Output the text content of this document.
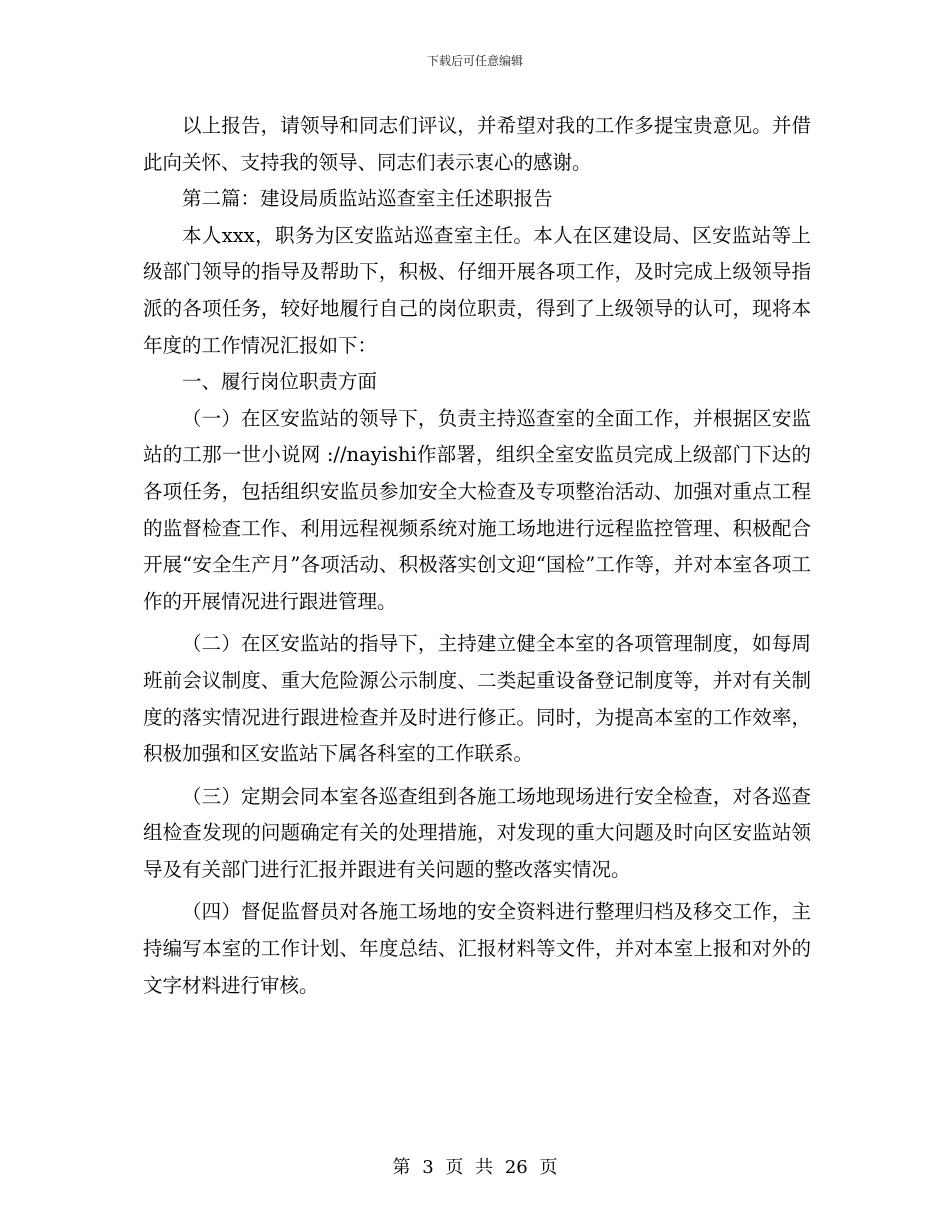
下载后可任意编辑

以上报告，请领导和同志们评议，并希望对我的工作多提宝贵意见。并借此向关怀、支持我的领导、同志们表示衷心的感谢。

第二篇：建设局质监站巡查室主任述职报告

本人xxx，职务为区安监站巡查室主任。本人在区建设局、区安监站等上级部门领导的指导及帮助下，积极、仔细开展各项工作，及时完成上级领导指派的各项任务，较好地履行自己的岗位职责，得到了上级领导的认可，现将本年度的工作情况汇报如下：

一、履行岗位职责方面

（一）在区安监站的领导下，负责主持巡查室的全面工作，并根据区安监站的工那一世小说网 ://nayishi作部署，组织全室安监员完成上级部门下达的各项任务，包括组织安监员参加安全大检查及专项整治活动、加强对重点工程的监督检查工作、利用远程视频系统对施工场地进行远程监控管理、积极配合开展“安全生产月”各项活动、积极落实创文迎“国检”工作等，并对本室各项工作的开展情况进行跟进管理。

（二）在区安监站的指导下，主持建立健全本室的各项管理制度，如每周班前会议制度、重大危险源公示制度、二类起重设备登记制度等，并对有关制度的落实情况进行跟进检查并及时进行修正。同时，为提高本室的工作效率，积极加强和区安监站下属各科室的工作联系。

（三）定期会同本室各巡查组到各施工场地现场进行安全检查，对各巡查组检查发现的问题确定有关的处理措施，对发现的重大问题及时向区安监站领导及有关部门进行汇报并跟进有关问题的整改落实情况。

（四）督促监督员对各施工场地的安全资料进行整理归档及移交工作，主持编写本室的工作计划、年度总结、汇报材料等文件，并对本室上报和对外的文字材料进行审核。

第 3 页 共 26 页
